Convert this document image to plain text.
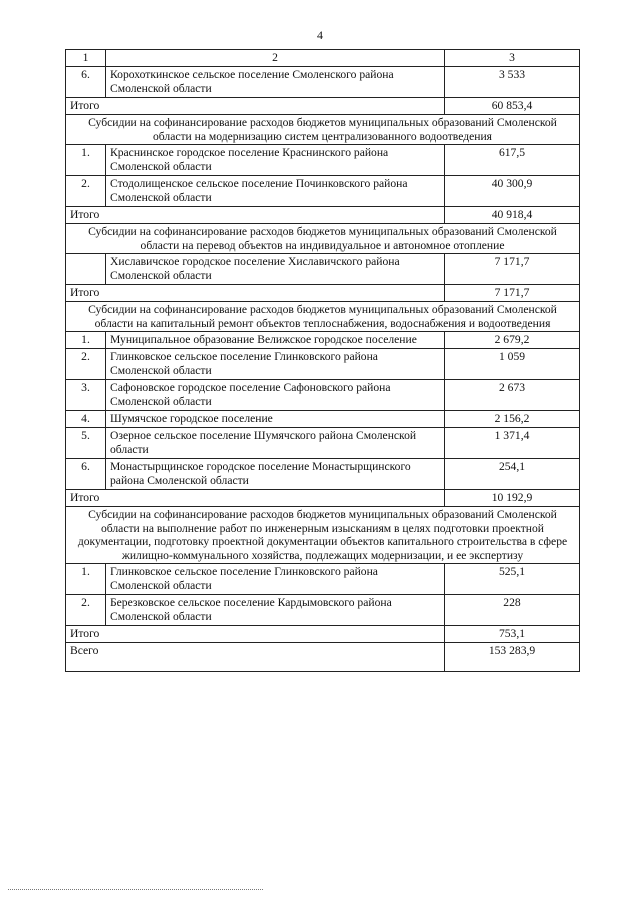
4
1	2	3
6.	Корохоткинское сельское поселение Смоленского района Смоленской области	3 533
Итого		60 853,4
Субсидии на софинансирование расходов бюджетов муниципальных образований Смоленской области на модернизацию систем централизованного водоотведения		
1.	Краснинское городское поселение Краснинского района Смоленской области	617,5
2.	Стодолищенское сельское поселение Починковского района Смоленской области	40 300,9
Итого		40 918,4
Субсидии на софинансирование расходов бюджетов муниципальных образований Смоленской области на перевод объектов на индивидуальное и автономное отопление		
	Хиславичское городское поселение Хиславичского района Смоленской области	7 171,7
Итого		7 171,7
Субсидии на софинансирование расходов бюджетов муниципальных образований Смоленской области на капитальный ремонт объектов теплоснабжения, водоснабжения и водоотведения		
1.	Муниципальное образование Велижское городское поселение	2 679,2
2.	Глинковское сельское поселение Глинковского района Смоленской области	1 059
3.	Сафоновское городское поселение Сафоновского района Смоленской области	2 673
4.	Шумячское городское поселение	2 156,2
5.	Озерное сельское поселение Шумячского района Смоленской области	1 371,4
6.	Монастырщинское городское поселение Монастырщинского района Смоленской области	254,1
Итого		10 192,9
Субсидии на софинансирование расходов бюджетов муниципальных образований Смоленской области на выполнение работ по инженерным изысканиям в целях подготовки проектной документации, подготовку проектной документации объектов капитального строительства в сфере жилищно-коммунального хозяйства, подлежащих модернизации, и ее экспертизу		
1.	Глинковское сельское поселение Глинковского района Смоленской области	525,1
2.	Березковское сельское поселение Кардымовского района Смоленской области	228
Итого		753,1
Всего		153 283,9
